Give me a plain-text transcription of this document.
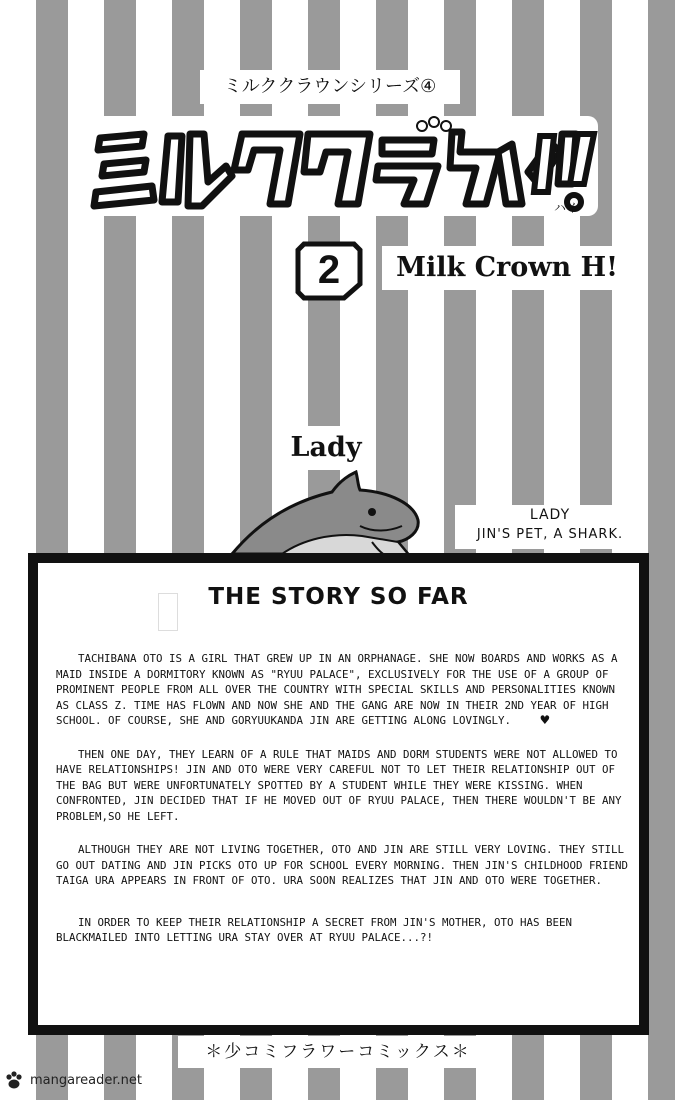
ミルククラウンシリーズ④
ハイ
2	Milk Crown H!
Lady
LADY
JIN'S PET, A SHARK.
THE STORY SO FAR

TACHIBANA OTO IS A GIRL THAT GREW UP IN AN ORPHANAGE. SHE NOW BOARDS AND WORKS AS A MAID INSIDE A DORMITORY KNOWN AS "RYUU PALACE", EXCLUSIVELY FOR THE USE OF A GROUP OF PROMINENT PEOPLE FROM ALL OVER THE COUNTRY WITH SPECIAL SKILLS AND PERSONALITIES KNOWN AS CLASS Z. TIME HAS FLOWN AND NOW SHE AND THE GANG ARE NOW IN THEIR 2ND YEAR OF HIGH SCHOOL. OF COURSE, SHE AND GORYUUKANDA JIN ARE GETTING ALONG LOVINGLY. ♥

THEN ONE DAY, THEY LEARN OF A RULE THAT MAIDS AND DORM STUDENTS WERE NOT ALLOWED TO HAVE RELATIONSHIPS! JIN AND OTO WERE VERY CAREFUL NOT TO LET THEIR RELATIONSHIP OUT OF THE BAG BUT WERE UNFORTUNATELY SPOTTED BY A STUDENT WHILE THEY WERE KISSING. WHEN CONFRONTED, JIN DECIDED THAT IF HE MOVED OUT OF RYUU PALACE, THEN THERE WOULDN'T BE ANY PROBLEM,SO HE LEFT.

ALTHOUGH THEY ARE NOT LIVING TOGETHER, OTO AND JIN ARE STILL VERY LOVING. THEY STILL GO OUT DATING AND JIN PICKS OTO UP FOR SCHOOL EVERY MORNING. THEN JIN'S CHILDHOOD FRIEND TAIGA URA APPEARS IN FRONT OF OTO. URA SOON REALIZES THAT JIN AND OTO WERE TOGETHER.

IN ORDER TO KEEP THEIR RELATIONSHIP A SECRET FROM JIN'S MOTHER, OTO HAS BEEN BLACKMAILED INTO LETTING URA STAY OVER AT RYUU PALACE...?!

＊少コミフラワーコミックス＊
mangareader.net
